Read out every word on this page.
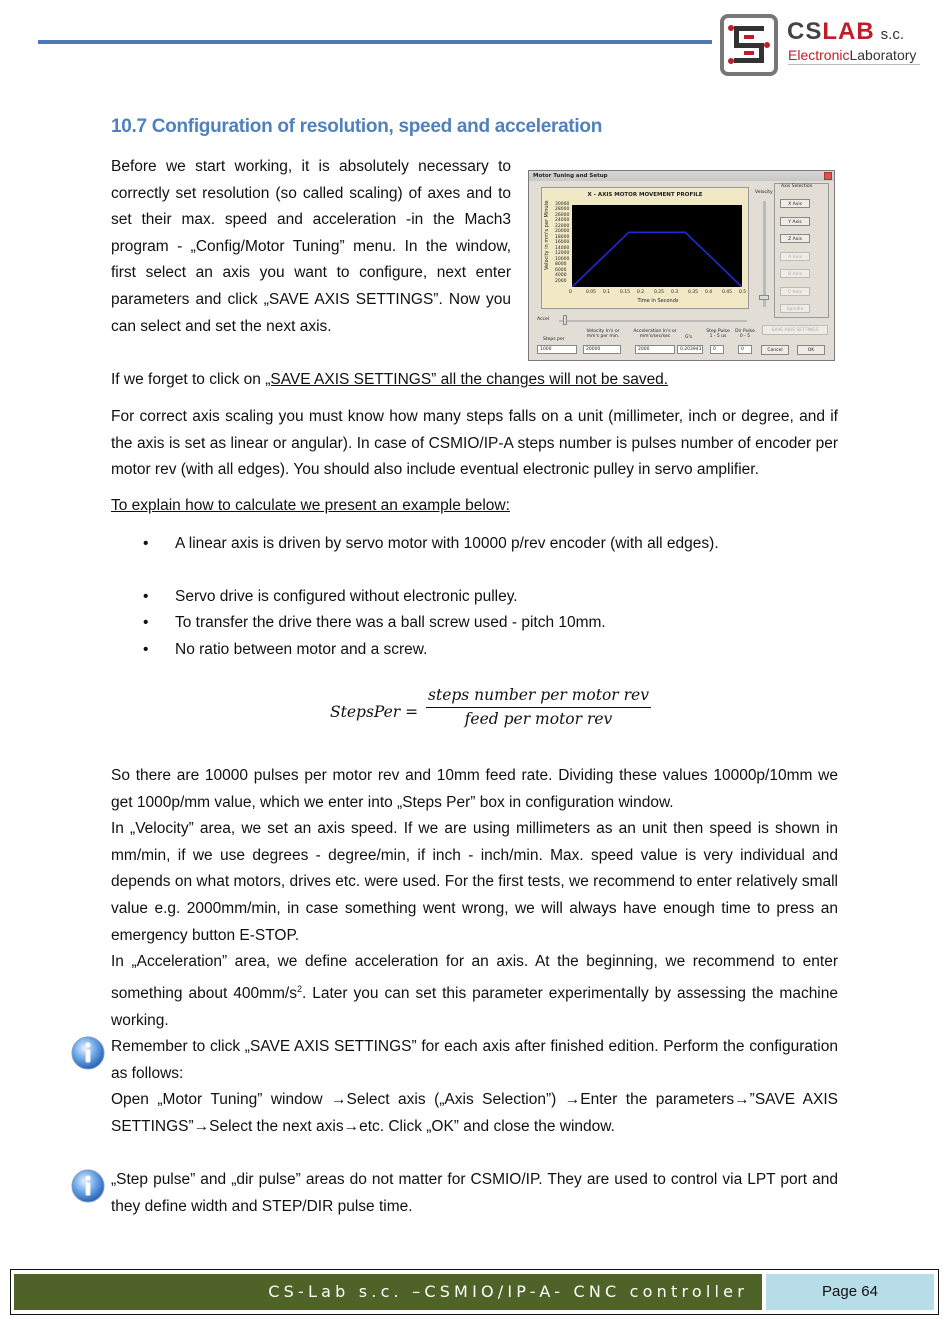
CSLAB s.c.
ElectronicLaboratory
10.7 Configuration of resolution, speed and acceleration
Before we start working, it is absolutely necessary to correctly set resolution (so called scaling) of axes and to set their max. speed and acceleration -in the Mach3 program - „Config/Motor Tuning” menu. In the window, first select an axis you want to configure, next enter parameters and click „SAVE AXIS SETTINGS”. Now you can select and set the next axis.
Motor Tuning and Setup
X - AXIS MOTOR MOVEMENT PROFILE
Velocity in mm's per Minute
2000
4000
6000
8000
10000
12000
14000
16000
18000
20000
22000
24000
26000
28000
30000
0	0.05 0.1 0.15 0.2 0.25 0.3 0.35 0.4 0.45 0.5
Time in Seconds
Velocity
Axis Selection
X Axis
Y Axis
Z Axis
A Axis
B Axis
C Axis
Spindle
Accel
SAVE AXIS SETTINGS
Steps per
Velocity In's or mm's per min.
Acceleration In's or mm's/sec/sec	G's
Step Pulse 1 - 5 us
Dir Pulse 0 - 5
1000	20000	2000	0.203943	0	0	Cancel	OK
If we forget to click on „SAVE AXIS SETTINGS” all the changes will not be saved.
For correct axis scaling you must know how many steps falls on a unit (millimeter, inch or degree, and if the axis is set as linear or angular). In case of CSMIO/IP-A steps number is pulses number of encoder per motor rev (with all edges). You should also include eventual electronic pulley in servo amplifier.
To explain how to calculate we present an example below:
• A linear axis is driven by servo motor with 10000 p/rev encoder (with all edges).
• Servo drive is configured without electronic pulley.
• To transfer the drive there was a ball screw used - pitch 10mm.
• No ratio between motor and a screw.
StepsPer =
steps number per motor rev
feed per motor rev
So there are 10000 pulses per motor rev and 10mm feed rate. Dividing these values 10000p/10mm we get 1000p/mm value, which we enter into „Steps Per” box in configuration window.
In „Velocity” area, we set an axis speed. If we are using millimeters as an unit then speed is shown in mm/min, if we use degrees - degree/min, if inch - inch/min. Max. speed value is very individual and depends on what motors, drives etc. were used. For the first tests, we recommend to enter relatively small value e.g. 2000mm/min, in case something went wrong, we will always have enough time to press an emergency button E-STOP.
In „Acceleration” area, we define acceleration for an axis. At the beginning, we recommend to enter something about $400mm/s^2$. Later you can set this parameter experimentally by assessing the machine working.
Remember to click „SAVE AXIS SETTINGS” for each axis after finished edition. Perform the configuration as follows:
Open „Motor Tuning” window →Select axis („Axis Selection”) →Enter the parameters→”SAVE AXIS SETTINGS”→Select the next axis→etc. Click „OK” and close the window.
„Step pulse” and „dir pulse” areas do not matter for CSMIO/IP. They are used to control via LPT port and they define width and STEP/DIR pulse time.
CS-Lab s.c. –CSMIO/IP-A- CNC controller	Page 64
